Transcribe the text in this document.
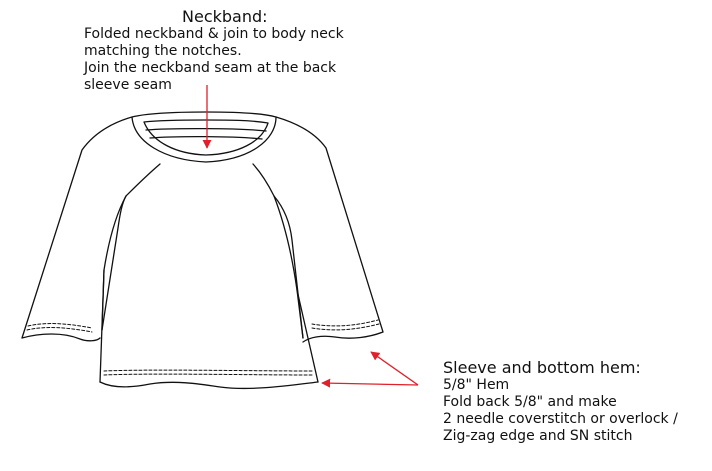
Neckband:
Folded neckband & join to body neck
matching the notches.
Join the neckband seam at the back
sleeve seam
Sleeve and bottom hem:
5/8" Hem
Fold back 5/8" and make
2 needle coverstitch or overlock /
Zig-zag edge and SN stitch
